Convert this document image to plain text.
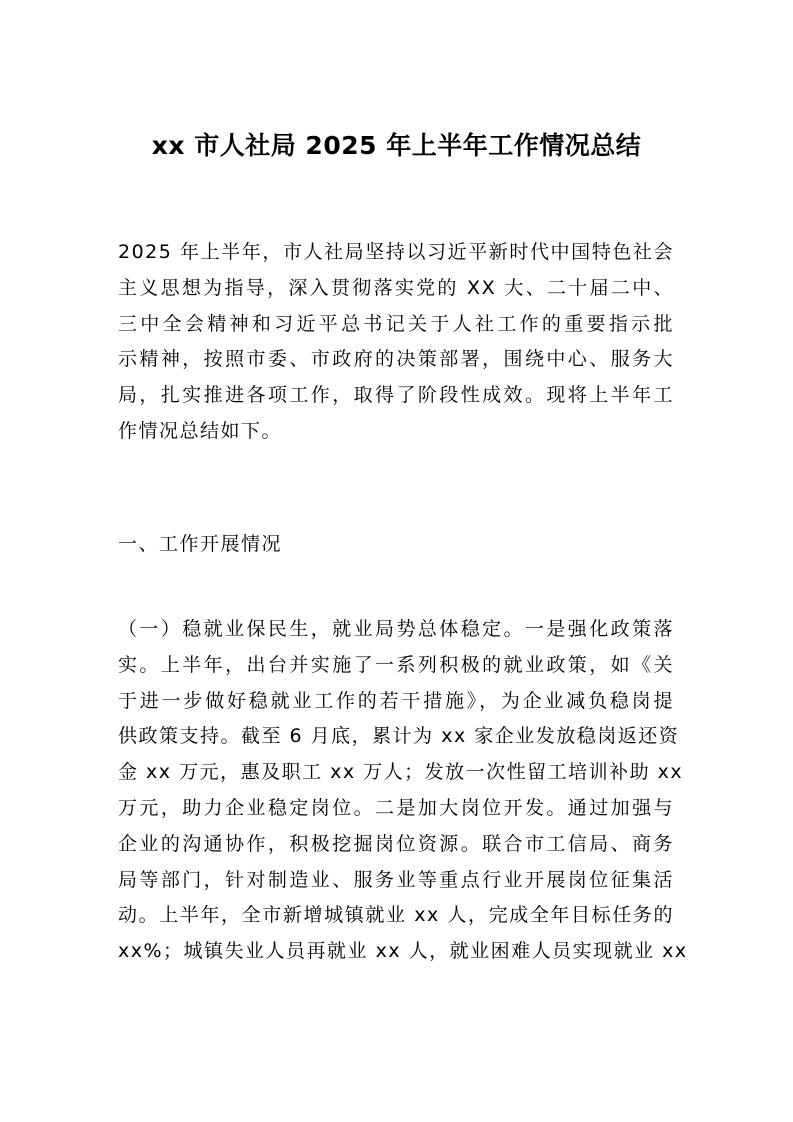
xx 市人社局 2025 年上半年工作情况总结
2025 年上半年，市人社局坚持以习近平新时代中国特色社会
主义思想为指导，深入贯彻落实党的 XX 大、二十届二中、
三中全会精神和习近平总书记关于人社工作的重要指示批
示精神，按照市委、市政府的决策部署，围绕中心、服务大
局，扎实推进各项工作，取得了阶段性成效。现将上半年工
作情况总结如下。
一、工作开展情况
（一）稳就业保民生，就业局势总体稳定。一是强化政策落
实。上半年，出台并实施了一系列积极的就业政策，如《关
于进一步做好稳就业工作的若干措施》，为企业减负稳岗提
供政策支持。截至 6 月底，累计为 xx 家企业发放稳岗返还资
金 xx 万元，惠及职工 xx 万人；发放一次性留工培训补助 xx
万元，助力企业稳定岗位。二是加大岗位开发。通过加强与
企业的沟通协作，积极挖掘岗位资源。联合市工信局、商务
局等部门，针对制造业、服务业等重点行业开展岗位征集活
动。上半年，全市新增城镇就业 xx 人，完成全年目标任务的
xx%；城镇失业人员再就业 xx 人，就业困难人员实现就业 xx
